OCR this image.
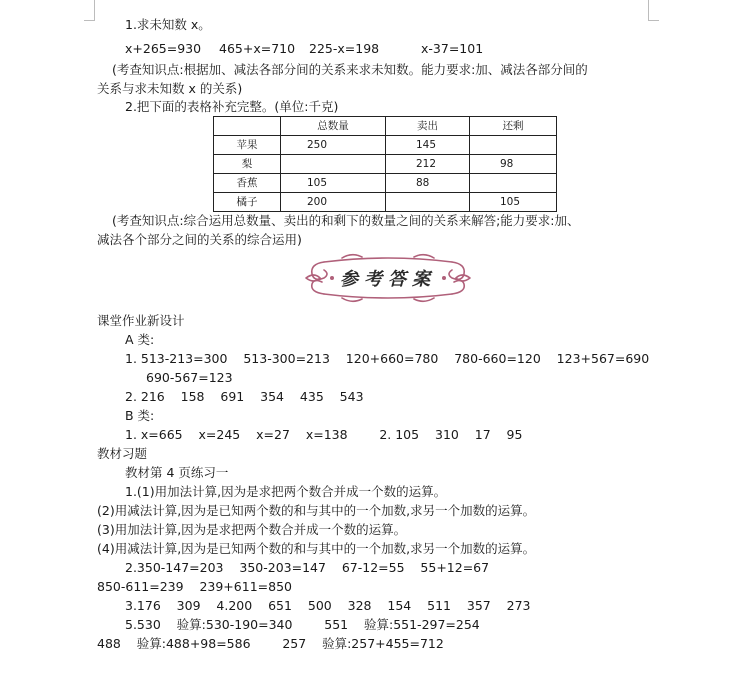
1.求未知数 x。
x+265=930 465+x=710 225-x=198	x-37=101
(考查知识点:根据加、减法各部分间的关系来求未知数。能力要求:加、减法各部分间的
关系与求未知数 x 的关系)
2.把下面的表格补充完整。(单位:千克)
	总数量	卖出	还剩
苹果	250	145	
梨		212	98
香蕉	105	88	
橘子	200		105
(考查知识点:综合运用总数量、卖出的和剩下的数量之间的关系来解答;能力要求:加、
减法各个部分之间的关系的综合运用)
参考答案
课堂作业新设计
A 类:
1. 513-213=300    513-300=213    120+660=780    780-660=120    123+567=690
690-567=123
2. 216    158    691    354    435    543
B 类:
1. x=665    x=245    x=27    x=138        2. 105    310    17    95
教材习题
教材第 4 页练习一
1.(1)用加法计算,因为是求把两个数合并成一个数的运算。
(2)用减法计算,因为是已知两个数的和与其中的一个加数,求另一个加数的运算。
(3)用加法计算,因为是求把两个数合并成一个数的运算。
(4)用减法计算,因为是已知两个数的和与其中的一个加数,求另一个加数的运算。
2.350-147=203    350-203=147    67-12=55    55+12=67
850-611=239    239+611=850
3.176    309    4.200    651    500    328    154    511    357    273
5.530    验算:530-190=340        551    验算:551-297=254
488    验算:488+98=586        257    验算:257+455=712
